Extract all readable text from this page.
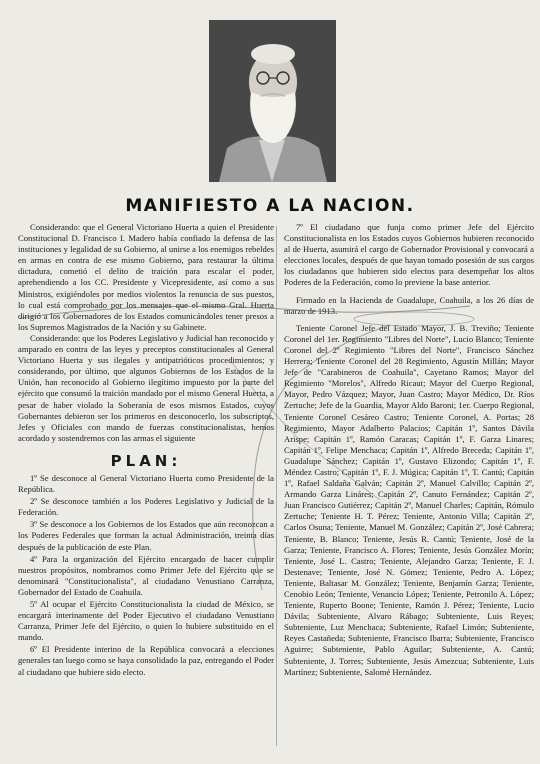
MANIFIESTO A LA NACION.

Considerando: que el General Victoriano Huerta a quien el Presidente Constitucional D. Francisco I. Madero había confiado la defensa de las instituciones y legalidad de su Gobierno, al unirse a los enemigos rebeldes en armas en contra de ese mismo Gobierno, para restaurar la última dictadura, cometió el delito de traición para escalar el poder, aprehendiendo a los CC. Presidente y Vicepresidente, así como a sus Ministros, exigiéndoles por medios violentos la renuncia de sus puestos, lo cual está comprobado por los mensajes que el mismo Gral. Huerta dirigió a los Gobernadores de los Estados comunicándoles tener presos a los Supremos Magistrados de la Nación y su Gabinete.

Considerando: que los Poderes Legislativo y Judicial han reconocido y amparado en contra de las leyes y preceptos constitucionales al General Victoriano Huerta y sus ilegales y antipatrióticos procedimientos; y considerando, por último, que algunos Gobiernos de los Estados de la Unión, han reconocido al Gobierno ilegítimo impuesto por la parte del ejército que consumó la traición mandado por el mismo General Huerta, a pesar de haber violado la Soberanía de esos mismos Estados, cuyos Gobernantes debieron ser los primeros en desconocerlo, los subscriptos, Jefes y Oficiales con mando de fuerzas constitucionalistas, hemos acordado y sostendremos con las armas el siguiente

PLAN:

1º Se desconoce al General Victoriano Huerta como Presidente de la República.

2º Se desconoce también a los Poderes Legislativo y Judicial de la Federación.

3º Se desconoce a los Gobiernos de los Estados que aún reconozcan a los Poderes Federales que forman la actual Administración, treinta días después de la publicación de este Plan.

4º Para la organización del Ejército encargado de hacer cumplir nuestros propósitos, nombramos como Primer Jefe del Ejército que se denominará "Constitucionalista", al ciudadano Venustiano Carranza, Gobernador del Estado de Coahuila.

5º Al ocupar el Ejército Constitucionalista la ciudad de México, se encargará interinamente del Poder Ejecutivo el ciudadano Venustiano Carranza, Primer Jefe del Ejército, o quien lo hubiere substituido en el mando.

6º El Presidente interino de la República convocará a elecciones generales tan luego como se haya consolidado la paz, entregando el Poder al ciudadano que hubiere sido electo.

7º El ciudadano que funja como primer Jefe del Ejército Constitucionalista en los Estados cuyos Gobiernos hubieren reconocido al de Huerta, asumirá el cargo de Gobernador Provisional y convocará a elecciones locales, después de que hayan tomado posesión de sus cargos los ciudadanos que hubieren sido electos para desempeñar los altos Poderes de la Federación, como lo previene la base anterior.

Firmado en la Hacienda de Guadalupe, Coahuila, a los 26 días de marzo de 1913.

Teniente Coronel Jefe del Estado Mayor, J. B. Treviño; Teniente Coronel del 1er. Regimiento "Libres del Norte", Lucio Blanco; Teniente Coronel del 2º Regimiento "Libres del Norte", Francisco Sánchez Herrera; Teniente Coronel del 28 Regimiento, Agustín Millán; Mayor Jefe de "Carabineros de Coahuila", Cayetano Ramos; Mayor del Regimiento "Morelos", Alfredo Ricaut; Mayor del Cuerpo Regional, Mayor, Pedro Vázquez; Mayor, Juan Castro; Mayor Médico, Dr. Ríos Zertuche; Jefe de la Guardia, Mayor Aldo Baroni; 1er. Cuerpo Regional, Teniente Coronel Cesáreo Castro; Teniente Coronel, A. Portas; 28 Regimiento, Mayor Adalberto Palacios; Capitán 1º, Santos Dávila Arispe; Capitán 1º, Ramón Caracas; Capitán 1º, F. Garza Linares; Capitán 1º, Felipe Menchaca; Capitán 1º, Alfredo Breceda; Capitán 1º, Guadalupe Sánchez; Capitán 1º, Gustavo Elizondo; Capitán 1º, F. Méndez Castro; Capitán 1º, F. J. Múgica; Capitán 1º, T. Cantú; Capitán 1º, Rafael Saldaña Galván; Capitán 2º, Manuel Calvillo; Capitán 2º, Armando Garza Lináres; Capitán 2º, Canuto Fernández; Capitán 2º, Juan Francisco Gutiérrez; Capitán 2º, Manuel Charles; Capitán, Rómulo Zertuche; Teniente H. T. Pérez; Teniente, Antonio Villa; Capitán 2º, Carlos Osuna; Teniente, Manuel M. González; Capitán 2º, José Cabrera; Teniente, B. Blanco; Teniente, Jesús R. Cantú; Teniente, José de la Garza; Teniente, Francisco A. Flores; Teniente, Jesús González Morín; Teniente, José L. Castro; Teniente, Alejandro Garza; Teniente, F. J. Destenave; Teniente, José N. Gómez; Teniente, Pedro A. López; Teniente, Baltasar M. González; Teniente, Benjamín Garza; Teniente, Cenobio León; Teniente, Venancio López; Teniente, Petronilo A. López; Teniente, Ruperto Boone; Teniente, Ramón J. Pérez; Teniente, Lucio Dávila; Subteniente, Alvaro Rábago; Subteniente, Luis Reyes; Subteniente, Luz Menchaca; Subteniente, Rafael Limón; Subteniente, Reyes Castañeda; Subteniente, Francisco Ibarra; Subteniente, Francisco Aguirre; Subteniente, Pablo Aguilar; Subteniente, A. Cantú; Subteniente, J. Torres; Subteniente, Jesús Amezcua; Subteniente, Luis Martínez; Subteniente, Salomé Hernández.
